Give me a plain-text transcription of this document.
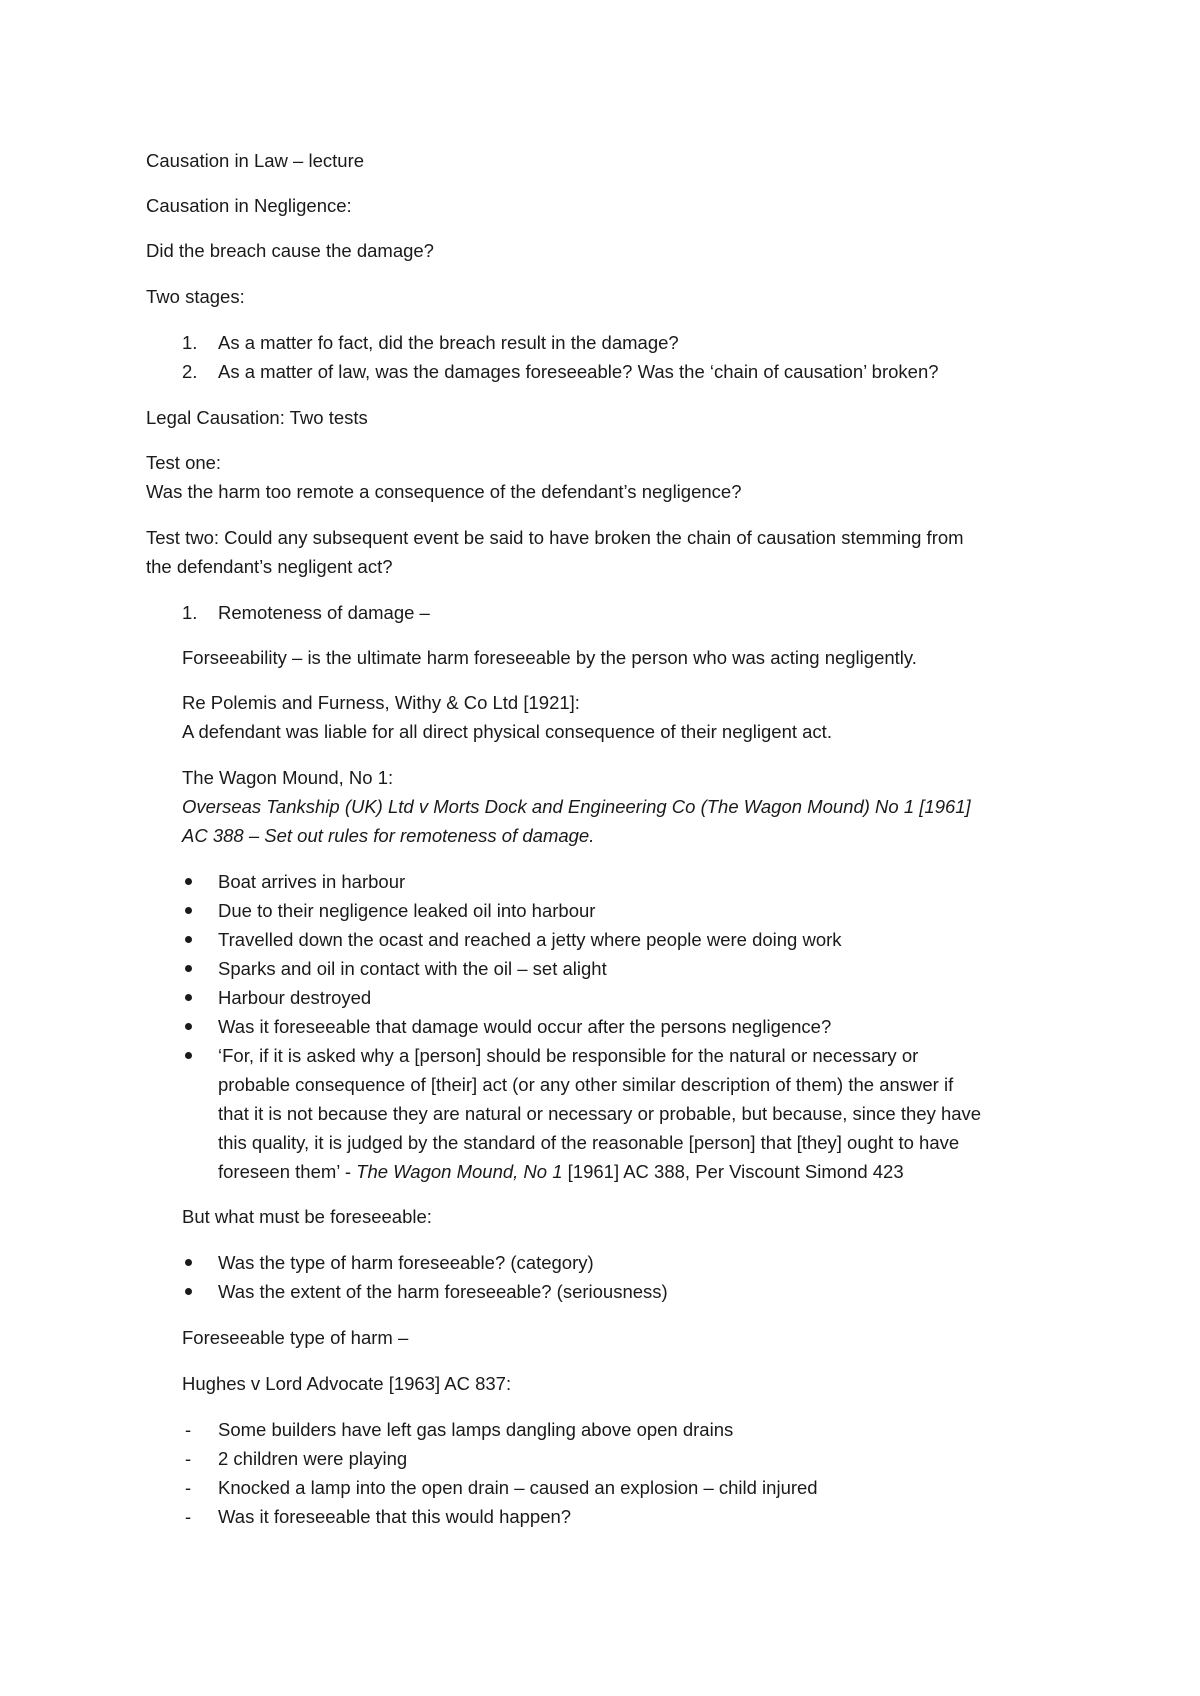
Causation in Law – lecture
Causation in Negligence:
Did the breach cause the damage?
Two stages:
1. As a matter fo fact, did the breach result in the damage?
2. As a matter of law, was the damages foreseeable? Was the ‘chain of causation’ broken?
Legal Causation: Two tests
Test one:
Was the harm too remote a consequence of the defendant’s negligence?
Test two: Could any subsequent event be said to have broken the chain of causation stemming from
the defendant’s negligent act?
1. Remoteness of damage –
Forseeability – is the ultimate harm foreseeable by the person who was acting negligently.
Re Polemis and Furness, Withy & Co Ltd [1921]:
A defendant was liable for all direct physical consequence of their negligent act.
The Wagon Mound, No 1:
Overseas Tankship (UK) Ltd v Morts Dock and Engineering Co (The Wagon Mound) No 1 [1961]
AC 388 – Set out rules for remoteness of damage.
Boat arrives in harbour
Due to their negligence leaked oil into harbour
Travelled down the ocast and reached a jetty where people were doing work
Sparks and oil in contact with the oil – set alight
Harbour destroyed
Was it foreseeable that damage would occur after the persons negligence?
‘For, if it is asked why a [person] should be responsible for the natural or necessary or
probable consequence of [their] act (or any other similar description of them) the answer if
that it is not because they are natural or necessary or probable, but because, since they have
this quality, it is judged by the standard of the reasonable [person] that [they] ought to have
foreseen them’ - The Wagon Mound, No 1 [1961] AC 388, Per Viscount Simond 423
But what must be foreseeable:
Was the type of harm foreseeable? (category)
Was the extent of the harm foreseeable? (seriousness)
Foreseeable type of harm –
Hughes v Lord Advocate [1963] AC 837:
- Some builders have left gas lamps dangling above open drains
- 2 children were playing
- Knocked a lamp into the open drain – caused an explosion – child injured
- Was it foreseeable that this would happen?
